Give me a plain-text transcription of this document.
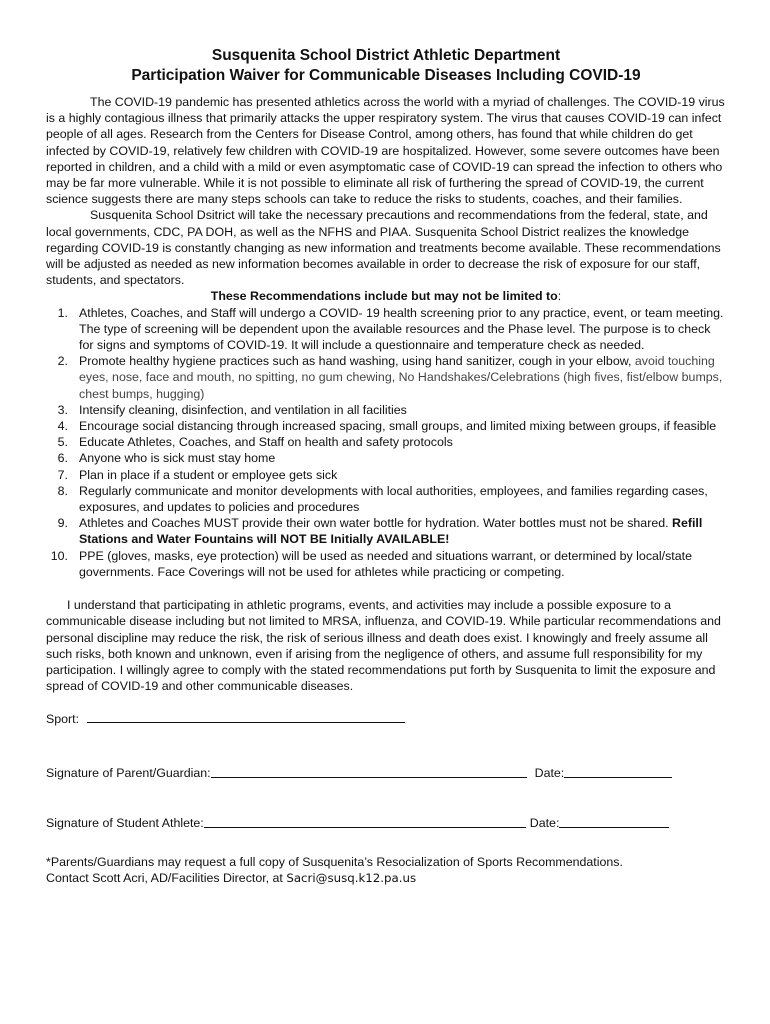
Susquenita School District Athletic Department

Participation Waiver for Communicable Diseases Including COVID-19

The COVID-19 pandemic has presented athletics across the world with a myriad of challenges. The COVID-19 virus is a highly contagious illness that primarily attacks the upper respiratory system. The virus that causes COVID-19 can infect people of all ages. Research from the Centers for Disease Control, among others, has found that while children do get infected by COVID-19, relatively few children with COVID-19 are hospitalized. However, some severe outcomes have been reported in children, and a child with a mild or even asymptomatic case of COVID-19 can spread the infection to others who may be far more vulnerable. While it is not possible to eliminate all risk of furthering the spread of COVID-19, the current science suggests there are many steps schools can take to reduce the risks to students, coaches, and their families.

Susquenita School Dsitrict will take the necessary precautions and recommendations from the federal, state, and local governments, CDC, PA DOH, as well as the NFHS and PIAA. Susquenita School District realizes the knowledge regarding COVID-19 is constantly changing as new information and treatments become available. These recommendations will be adjusted as needed as new information becomes available in order to decrease the risk of exposure for our staff, students, and spectators.

These Recommendations include but may not be limited to:

1. Athletes, Coaches, and Staff will undergo a COVID- 19 health screening prior to any practice, event, or team meeting. The type of screening will be dependent upon the available resources and the Phase level. The purpose is to check for signs and symptoms of COVID-19. It will include a questionnaire and temperature check as needed.
2. Promote healthy hygiene practices such as hand washing, using hand sanitizer, cough in your elbow, avoid touching eyes, nose, face and mouth, no spitting, no gum chewing, No Handshakes/Celebrations (high fives, fist/elbow bumps, chest bumps, hugging)
3. Intensify cleaning, disinfection, and ventilation in all facilities
4. Encourage social distancing through increased spacing, small groups, and limited mixing between groups, if feasible
5. Educate Athletes, Coaches, and Staff on health and safety protocols
6. Anyone who is sick must stay home
7. Plan in place if a student or employee gets sick
8. Regularly communicate and monitor developments with local authorities, employees, and families regarding cases, exposures, and updates to policies and procedures
9. Athletes and Coaches MUST provide their own water bottle for hydration. Water bottles must not be shared. Refill Stations and Water Fountains will NOT BE Initially AVAILABLE!
10. PPE (gloves, masks, eye protection) will be used as needed and situations warrant, or determined by local/state governments. Face Coverings will not be used for athletes while practicing or competing.

I understand that participating in athletic programs, events, and activities may include a possible exposure to a communicable disease including but not limited to MRSA, influenza, and COVID-19. While particular recommendations and personal discipline may reduce the risk, the risk of serious illness and death does exist. I knowingly and freely assume all such risks, both known and unknown, even if arising from the negligence of others, and assume full responsibility for my participation. I willingly agree to comply with the stated recommendations put forth by Susquenita to limit the exposure and spread of COVID-19 and other communicable diseases.

Sport:
Signature of Parent/Guardian:	Date:
Signature of Student Athlete:	Date:
*Parents/Guardians may request a full copy of Susquenita’s Resocialization of Sports Recommendations.
Contact Scott Acri, AD/Facilities Director, at Sacri@susq.k12.pa.us
